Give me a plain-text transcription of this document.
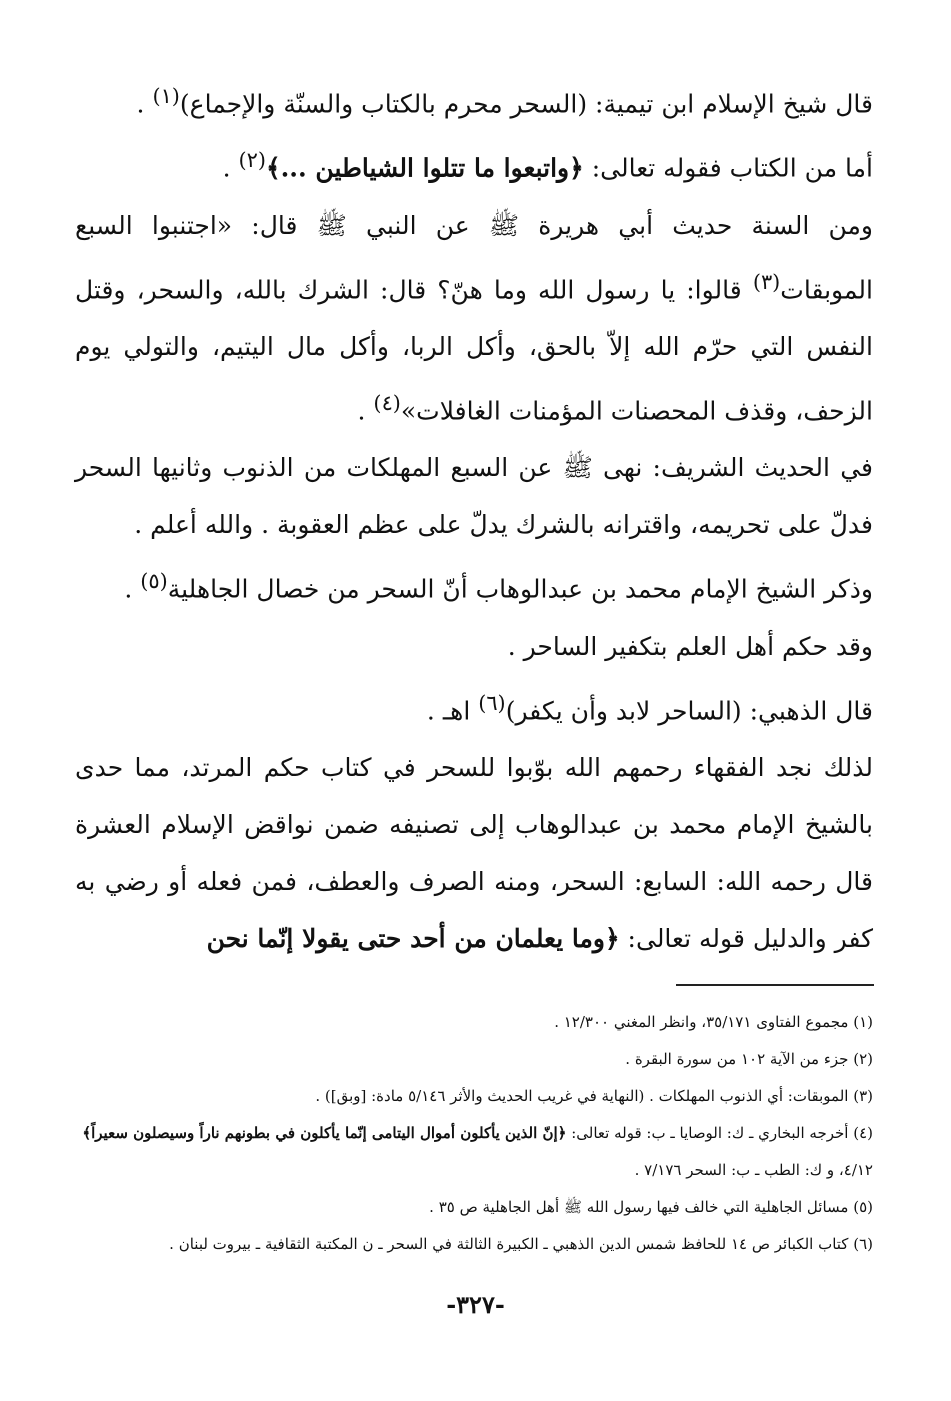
قال شيخ الإسلام ابن تيمية: (السحر محرم بالكتاب والسنّة والإجماع)$^{(١)}$ .

أما من الكتاب فقوله تعالى: ﴿واتبعوا ما تتلوا الشياطين ...﴾$^{(٢)}$ .

ومن السنة حديث أبي هريرة ﷺ عن النبي ﷺ قال: «اجتنبوا السبع الموبقات$^{(٣)}$ قالوا: يا رسول الله وما هنّ؟ قال: الشرك بالله، والسحر، وقتل النفس التي حرّم الله إلاّ بالحق، وأكل الربا، وأكل مال اليتيم، والتولي يوم الزحف، وقذف المحصنات المؤمنات الغافلات»$^{(٤)}$ .

في الحديث الشريف: نهى ﷺ عن السبع المهلكات من الذنوب وثانيها السحر فدلّ على تحريمه، واقترانه بالشرك يدلّ على عظم العقوبة . والله أعلم .

وذكر الشيخ الإمام محمد بن عبدالوهاب أنّ السحر من خصال الجاهلية$^{(٥)}$ .

وقد حكم أهل العلم بتكفير الساحر .

قال الذهبي: (الساحر لابد وأن يكفر)$^{(٦)}$ اهـ .

لذلك نجد الفقهاء رحمهم الله بوّبوا للسحر في كتاب حكم المرتد، مما حدى بالشيخ الإمام محمد بن عبدالوهاب إلى تصنيفه ضمن نواقض الإسلام العشرة قال رحمه الله: السابع: السحر، ومنه الصرف والعطف، فمن فعله أو رضي به كفر والدليل قوله تعالى: ﴿وما يعلمان من أحد حتى يقولا إنّما نحن

(١) مجموع الفتاوى ٣٥/١٧١، وانظر المغني ١٢/٣٠٠ .

(٢) جزء من الآية ١٠٢ من سورة البقرة .

(٣) الموبقات: أي الذنوب المهلكات . (النهاية في غريب الحديث والأثر ٥/١٤٦ مادة: [وبق]) .

(٤) أخرجه البخاري ـ ك: الوصايا ـ ب: قوله تعالى: ﴿إنّ الذين يأكلون أموال اليتامى إنّما يأكلون في بطونهم ناراً وسيصلون سعيراً﴾ ٤/١٢، و ك: الطب ـ ب: السحر ٧/١٧٦ .

(٥) مسائل الجاهلية التي خالف فيها رسول الله ﷺ أهل الجاهلية ص ٣٥ .

(٦) كتاب الكبائر ص ١٤ للحافظ شمس الدين الذهبي ـ الكبيرة الثالثة في السحر ـ ن المكتبة الثقافية ـ بيروت لبنان .

-٣٢٧-
